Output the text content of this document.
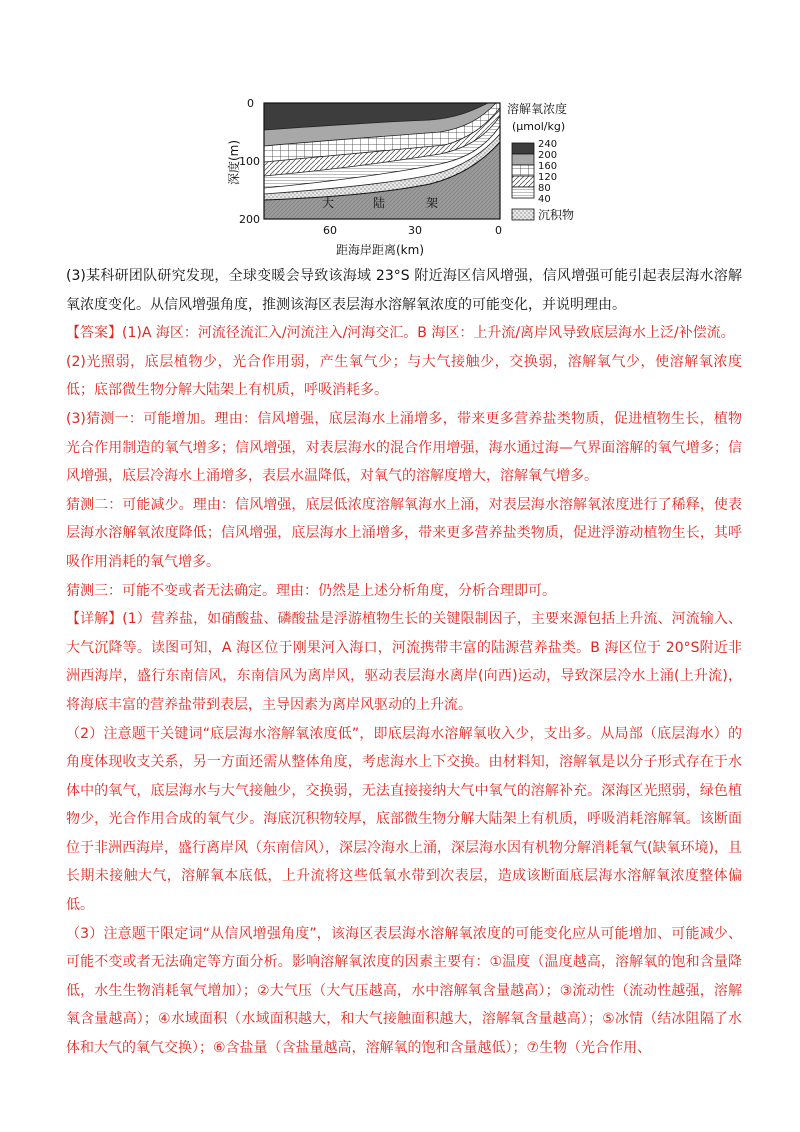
大	陆	架
0
100
200
深度(m)
60	30	0
距海岸距离(km)
溶解氧浓度
(μmol/kg)
240
200
160
120
80
40
沉积物

(3)某科研团队研究发现，全球变暖会导致该海域 23°S 附近海区信风增强，信风增强可能引起表层海水溶解氧浓度变化。从信风增强角度，推测该海区表层海水溶解氧浓度的可能变化，并说明理由。

【答案】(1)A 海区：河流径流汇入/河流注入/河海交汇。B 海区：上升流/离岸风导致底层海水上泛/补偿流。

(2)光照弱，底层植物少，光合作用弱，产生氧气少；与大气接触少，交换弱，溶解氧气少，使溶解氧浓度低；底部微生物分解大陆架上有机质，呼吸消耗多。

(3)猜测一：可能增加。理由：信风增强，底层海水上涌增多，带来更多营养盐类物质，促进植物生长，植物光合作用制造的氧气增多；信风增强，对表层海水的混合作用增强，海水通过海—气界面溶解的氧气增多；信风增强，底层冷海水上涌增多，表层水温降低，对氧气的溶解度增大，溶解氧气增多。

猜测二：可能减少。理由：信风增强，底层低浓度溶解氧海水上涌，对表层海水溶解氧浓度进行了稀释，使表层海水溶解氧浓度降低；信风增强，底层海水上涌增多，带来更多营养盐类物质，促进浮游动植物生长，其呼吸作用消耗的氧气增多。

猜测三：可能不变或者无法确定。理由：仍然是上述分析角度，分析合理即可。

【详解】(1）营养盐，如硝酸盐、磷酸盐是浮游植物生长的关键限制因子，主要来源包括上升流、河流输入、大气沉降等。读图可知，A 海区位于刚果河入海口，河流携带丰富的陆源营养盐类。B 海区位于 20°S附近非洲西海岸，盛行东南信风，东南信风为离岸风，驱动表层海水离岸(向西)运动，导致深层冷水上涌(上升流)，将海底丰富的营养盐带到表层，主导因素为离岸风驱动的上升流。

（2）注意题干关键词“底层海水溶解氧浓度低”，即底层海水溶解氧收入少，支出多。从局部（底层海水）的角度体现收支关系，另一方面还需从整体角度，考虑海水上下交换。由材料知，溶解氧是以分子形式存在于水体中的氧气，底层海水与大气接触少，交换弱，无法直接接纳大气中氧气的溶解补充。深海区光照弱，绿色植物少，光合作用合成的氧气少。海底沉积物较厚，底部微生物分解大陆架上有机质，呼吸消耗溶解氧。该断面位于非洲西海岸，盛行离岸风（东南信风），深层冷海水上涌，深层海水因有机物分解消耗氧气(缺氧环境)，且长期未接触大气，溶解氧本底低，上升流将这些低氧水带到次表层，造成该断面底层海水溶解氧浓度整体偏低。

（3）注意题干限定词“从信风增强角度”，该海区表层海水溶解氧浓度的可能变化应从可能增加、可能减少、可能不变或者无法确定等方面分析。影响溶解氧浓度的因素主要有：①温度（温度越高，溶解氧的饱和含量降低，水生生物消耗氧气增加）；②大气压（大气压越高，水中溶解氧含量越高）；③流动性（流动性越强，溶解氧含量越高）；④水域面积（水域面积越大，和大气接触面积越大，溶解氧含量越高）；⑤冰情（结冰阻隔了水体和大气的氧气交换）；⑥含盐量（含盐量越高，溶解氧的饱和含量越低）；⑦生物（光合作用、
